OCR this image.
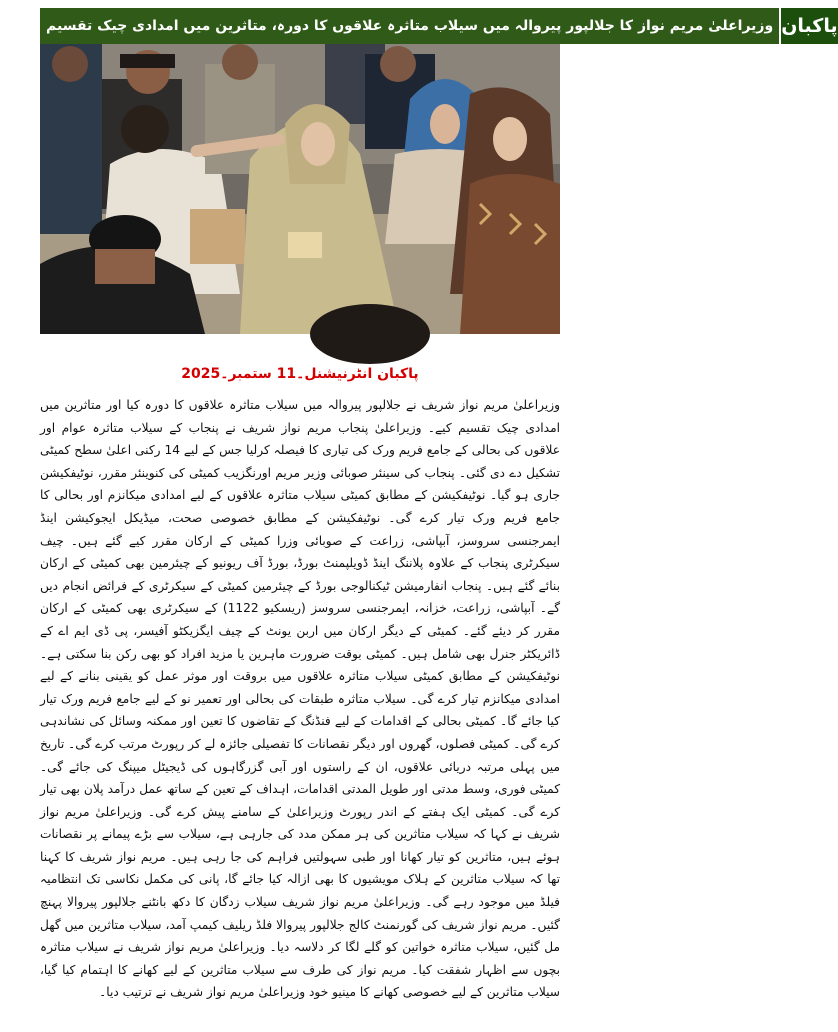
وزیراعلیٰ مریم نواز کا جلالپور پیروالہ میں سیلاب متاثرہ علاقوں کا دورہ، متاثرین میں امدادی چیک تقسیم پاکبان
پاکبان انٹرنیشنل۔11 ستمبر۔2025

وزیراعلیٰ مریم نواز شریف نے جلالپور پیروالہ میں سیلاب متاثرہ علاقوں کا دورہ کیا اور متاثرین میں امدادی چیک تقسیم کیے۔ وزیراعلیٰ پنجاب مریم نواز شریف نے پنجاب کے سیلاب متاثرہ عوام اور علاقوں کی بحالی کے جامع فریم ورک کی تیاری کا فیصلہ کرلیا جس کے لیے 14 رکنی اعلیٰ سطح کمیٹی تشکیل دے دی گئی۔ پنجاب کی سینئر صوبائی وزیر مریم اورنگزیب کمیٹی کی کنوینئر مقرر، نوٹیفکیشن جاری ہو گیا۔ نوٹیفکیشن کے مطابق کمیٹی سیلاب متاثرہ علاقوں کے لیے امدادی میکانزم اور بحالی کا جامع فریم ورک تیار کرے گی۔ نوٹیفکیشن کے مطابق خصوصی صحت، میڈیکل ایجوکیشن اینڈ ایمرجنسی سروسز، آبپاشی، زراعت کے صوبائی وزرا کمیٹی کے ارکان مقرر کیے گئے ہیں۔ چیف سیکرٹری پنجاب کے علاوہ پلاننگ اینڈ ڈویلپمنٹ بورڈ، بورڈ آف ریونیو کے چیئرمین بھی کمیٹی کے ارکان بنائے گئے ہیں۔ پنجاب انفارمیشن ٹیکنالوجی بورڈ کے چیئرمین کمیٹی کے سیکرٹری کے فرائض انجام دیں گے۔ آبپاشی، زراعت، خزانہ، ایمرجنسی سروسز (ریسکیو 1122) کے سیکرٹری بھی کمیٹی کے ارکان مقرر کر دیئے گئے۔ کمیٹی کے دیگر ارکان میں اربن یونٹ کے چیف ایگزیکٹو آفیسر، پی ڈی ایم اے کے ڈائریکٹر جنرل بھی شامل ہیں۔ کمیٹی بوقت ضرورت ماہرین یا مزید افراد کو بھی رکن بنا سکتی ہے۔ نوٹیفکیشن کے مطابق کمیٹی سیلاب متاثرہ علاقوں میں بروقت اور موثر عمل کو یقینی بنانے کے لیے امدادی میکانزم تیار کرے گی۔ سیلاب متاثرہ طبقات کی بحالی اور تعمیر نو کے لیے جامع فریم ورک تیار کیا جائے گا۔ کمیٹی بحالی کے اقدامات کے لیے فنڈنگ کے تقاضوں کا تعین اور ممکنہ وسائل کی نشاندہی کرے گی۔ کمیٹی فصلوں، گھروں اور دیگر نقصانات کا تفصیلی جائزہ لے کر رپورٹ مرتب کرے گی۔ تاریخ میں پہلی مرتبہ دریائی علاقوں، ان کے راستوں اور آبی گزرگاہوں کی ڈیجیٹل میپنگ کی جائے گی۔ کمیٹی فوری، وسط مدتی اور طویل المدتی اقدامات، اہداف کے تعین کے ساتھ عمل درآمد پلان بھی تیار کرے گی۔ کمیٹی ایک ہفتے کے اندر رپورٹ وزیراعلیٰ کے سامنے پیش کرے گی۔ وزیراعلیٰ مریم نواز شریف نے کہا کہ سیلاب متاثرین کی ہر ممکن مدد کی جارہی ہے، سیلاب سے بڑے پیمانے پر نقصانات ہوئے ہیں، متاثرین کو تیار کھانا اور طبی سہولتیں فراہم کی جا رہی ہیں۔ مریم نواز شریف کا کہنا تھا کہ سیلاب متاثرین کے ہلاک مویشیوں کا بھی ازالہ کیا جائے گا، پانی کی مکمل نکاسی تک انتظامیہ فیلڈ میں موجود رہے گی۔ وزیراعلیٰ مریم نواز شریف سیلاب زدگان کا دکھ بانٹنے جلالپور پیروالا پہنچ گئیں۔ مریم نواز شریف کی گورنمنٹ کالج جلالپور پیروالا فلڈ ریلیف کیمپ آمد، سیلاب متاثرین میں گھل مل گئیں، سیلاب متاثرہ خواتین کو گلے لگا کر دلاسہ دیا۔ وزیراعلیٰ مریم نواز شریف نے سیلاب متاثرہ بچوں سے اظہار شفقت کیا۔ مریم نواز کی طرف سے سیلاب متاثرین کے لیے کھانے کا اہتمام کیا گیا، سیلاب متاثرین کے لیے خصوصی کھانے کا مینیو خود وزیراعلیٰ مریم نواز شریف نے ترتیب دیا۔
